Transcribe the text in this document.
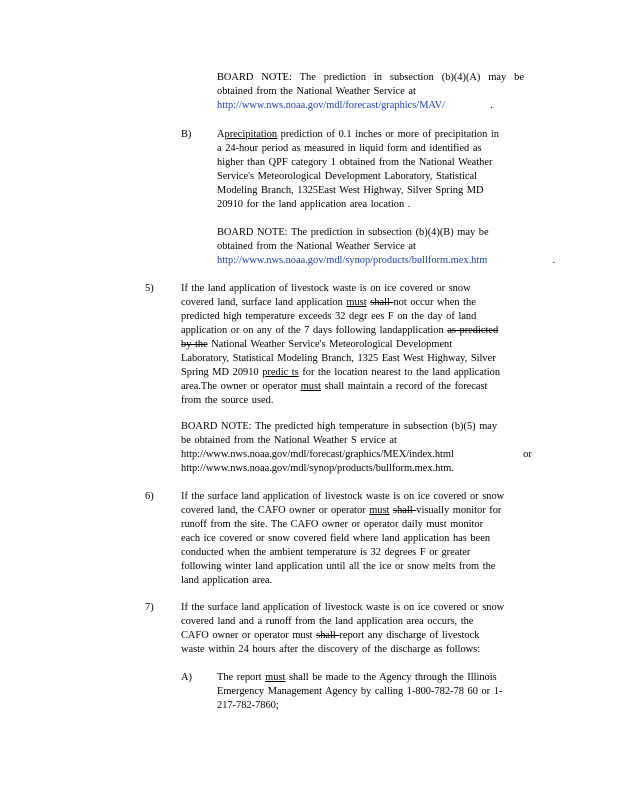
BOARD NOTE: The prediction in subsection (b)(4)(A) may be
obtained from the National Weather Service at
http://www.nws.noaa.gov/mdl/forecast/graphics/MAV/	.
B) Aprecipitation prediction of 0.1 inches or more of precipitation in
a 24-hour period as measured in liquid form and identified as
higher than QPF category 1 obtained from the National Weather
Service's Meteorological Development Laboratory, Statistical
Modeling Branch, 1325East West Highway, Silver Spring MD
20910 for the land application area location .
BOARD NOTE: The prediction in subsection (b)(4)(B) may be
obtained from the National Weather Service at
http://www.nws.noaa.gov/mdl/synop/products/bullform.mex.htm	.
5)	If the land application of livestock waste is on ice covered or snow
covered land, surface land application must shall not occur when the
predicted high temperature exceeds 32 degr ees F on the day of land
application or on any of the 7 days following landapplication as predicted
by the National Weather Service's Meteorological Development
Laboratory, Statistical Modeling Branch, 1325 East West Highway, Silver
Spring MD 20910 predic ts for the location nearest to the land application
area.The owner or operator must shall maintain a record of the forecast
from the source used.
BOARD NOTE: The predicted high temperature in subsection (b)(5) may
be obtained from the National Weather S ervice at
http://www.nws.noaa.gov/mdl/forecast/graphics/MEX/index.html	or
http://www.nws.noaa.gov/mdl/synop/products/bullform.mex.htm.
6)	If the surface land application of livestock waste is on ice covered or snow
covered land, the CAFO owner or operator must shall visually monitor for
runoff from the site. The CAFO owner or operator daily must monitor
each ice covered or snow covered field where land application has been
conducted when the ambient temperature is 32 degrees F or greater
following winter land application until all the ice or snow melts from the
land application area.
7)	If the surface land application of livestock waste is on ice covered or snow
covered land and a runoff from the land application area occurs, the
CAFO owner or operator must shall report any discharge of livestock
waste within 24 hours after the discovery of the discharge as follows:
A) The report must shall be made to the Agency through the Illinois
Emergency Management Agency by calling 1-800-782-78 60 or 1-
217-782-7860;
